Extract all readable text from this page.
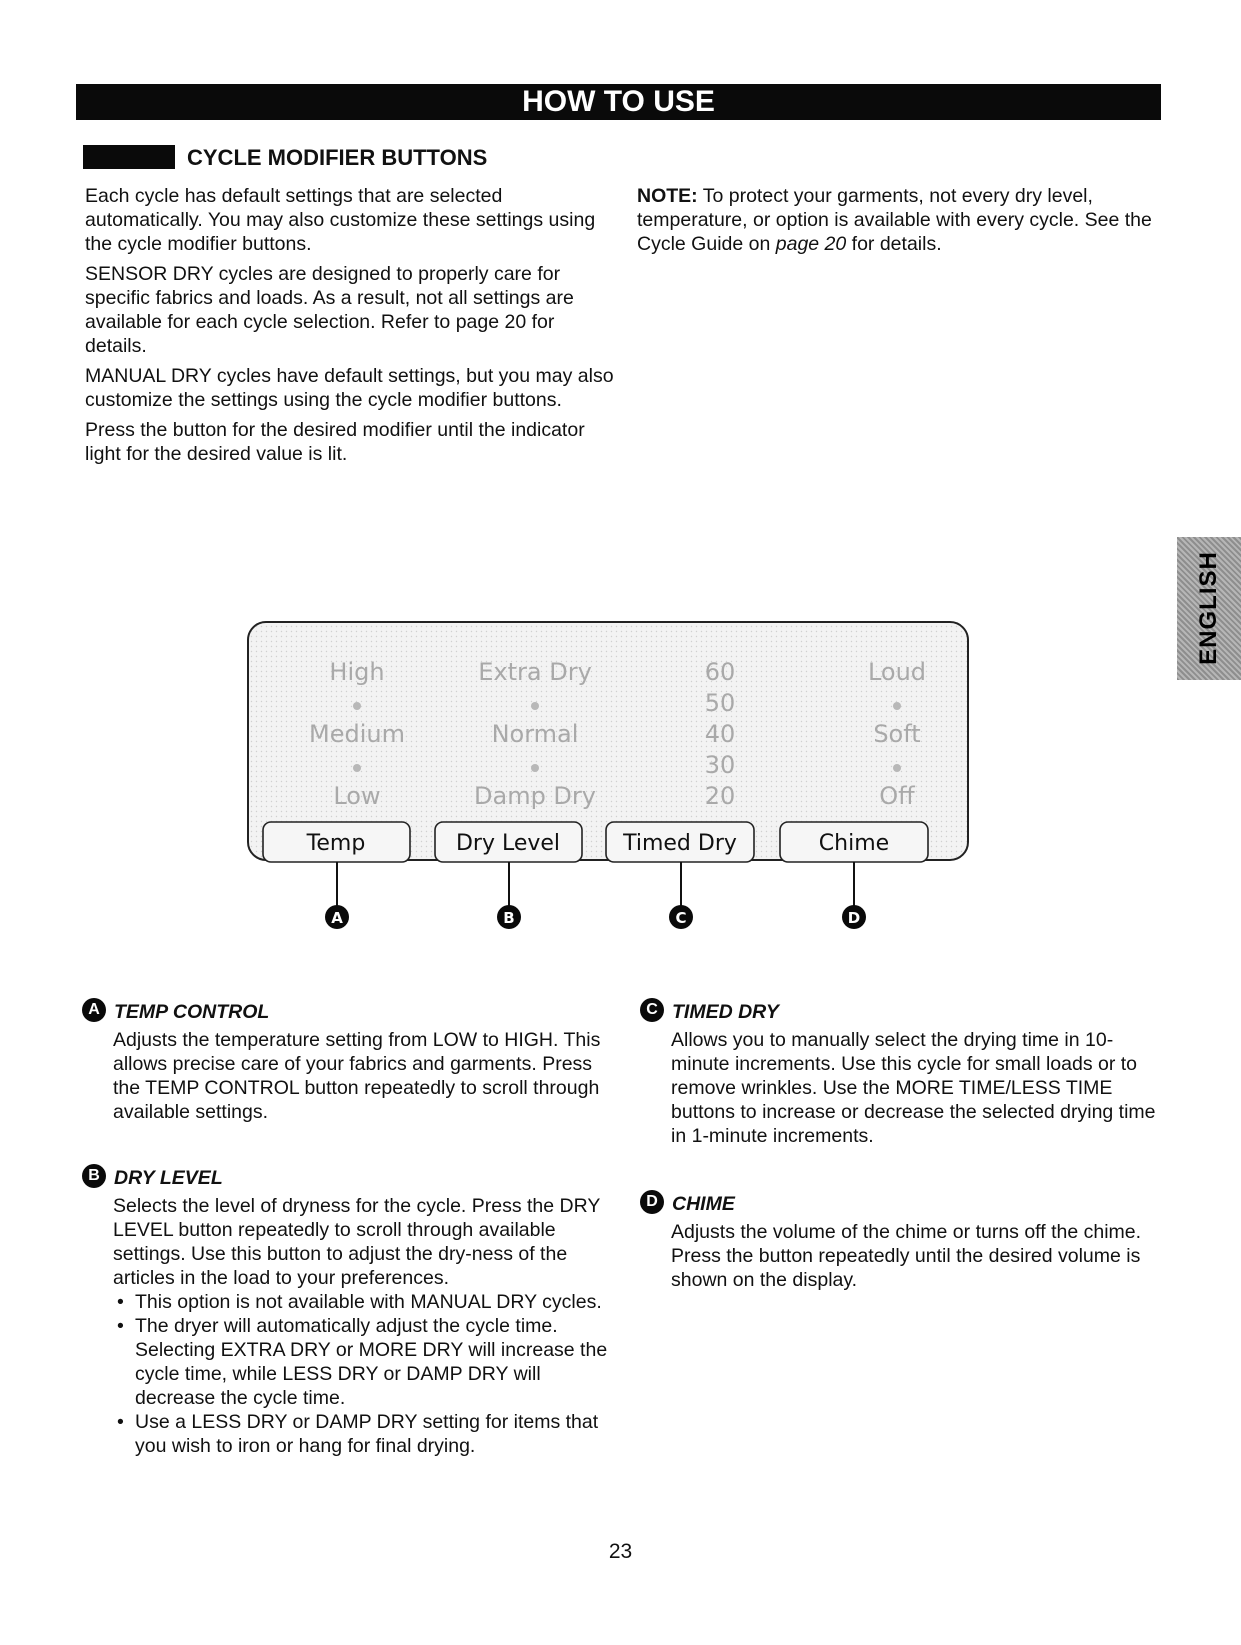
HOW TO USE
CYCLE MODIFIER BUTTONS

Each cycle has default settings that are selected automatically. You may also customize these settings using the cycle modifier buttons.

SENSOR DRY cycles are designed to properly care for specific fabrics and loads. As a result, not all settings are available for each cycle selection. Refer to page 20 for details.

MANUAL DRY cycles have default settings, but you may also customize the settings using the cycle modifier buttons.

Press the button for the desired modifier until the indicator light for the desired value is lit.

NOTE: To protect your garments, not every dry level, temperature, or option is available with every cycle. See the Cycle Guide on page 20 for details.

ENGLISH
High
Medium
Low
Extra Dry
Normal
Damp Dry
60
50
40
30
20
Loud
Soft
Off
Temp	Dry Level	Timed Dry	Chime
A	B	C	D
A TEMP CONTROL

Adjusts the temperature setting from LOW to HIGH. This allows precise care of your fabrics and garments. Press the TEMP CONTROL button repeatedly to scroll through available settings.

B DRY LEVEL

Selects the level of dryness for the cycle. Press the DRY LEVEL button repeatedly to scroll through available settings. Use this button to adjust the dry-ness of the articles in the load to your preferences.

• This option is not available with MANUAL DRY cycles.
• The dryer will automatically adjust the cycle time. Selecting EXTRA DRY or MORE DRY will increase the cycle time, while LESS DRY or DAMP DRY will decrease the cycle time.
• Use a LESS DRY or DAMP DRY setting for items that you wish to iron or hang for final drying.
C TIMED DRY

Allows you to manually select the drying time in 10-minute increments. Use this cycle for small loads or to remove wrinkles. Use the MORE TIME/LESS TIME buttons to increase or decrease the selected drying time in 1-minute increments.

D CHIME

Adjusts the volume of the chime or turns off the chime. Press the button repeatedly until the desired volume is shown on the display.

23
